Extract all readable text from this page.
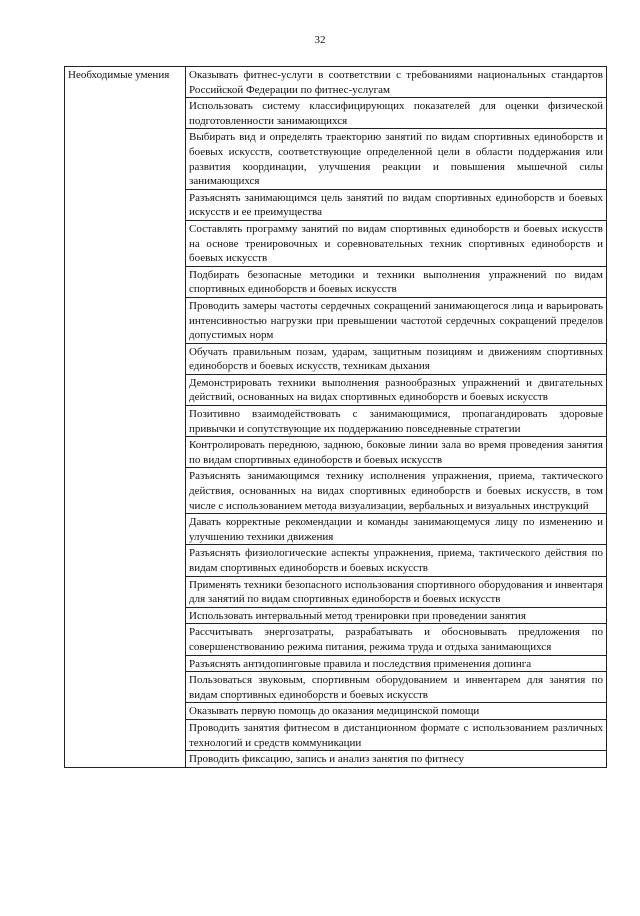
32
Необходимые умения	Оказывать фитнес-услуги в соответствии с требованиями национальных стандартов Российской Федерации по фитнес-услугам
Использовать систему классифицирующих показателей для оценки физической подготовленности занимающихся
Выбирать вид и определять траекторию занятий по видам спортивных единоборств и боевых искусств, соответствующие определенной цели в области поддержания или развития координации, улучшения реакции и повышения мышечной силы занимающихся
Разъяснять занимающимся цель занятий по видам спортивных единоборств и боевых искусств и ее преимущества
Составлять программу занятий по видам спортивных единоборств и боевых искусств на основе тренировочных и соревновательных техник спортивных единоборств и боевых искусств
Подбирать безопасные методики и техники выполнения упражнений по видам спортивных единоборств и боевых искусств
Проводить замеры частоты сердечных сокращений занимающегося лица и варьировать интенсивностью нагрузки при превышении частотой сердечных сокращений пределов допустимых норм
Обучать правильным позам, ударам, защитным позициям и движениям спортивных единоборств и боевых искусств, техникам дыхания
Демонстрировать техники выполнения разнообразных упражнений и двигательных действий, основанных на видах спортивных единоборств и боевых искусств
Позитивно взаимодействовать с занимающимися, пропагандировать здоровые привычки и сопутствующие их поддержанию повседневные стратегии
Контролировать переднюю, заднюю, боковые линии зала во время проведения занятия по видам спортивных единоборств и боевых искусств
Разъяснять занимающимся технику исполнения упражнения, приема, тактического действия, основанных на видах спортивных единоборств и боевых искусств, в том числе с использованием метода визуализации, вербальных и визуальных инструкций
Давать корректные рекомендации и команды занимающемуся лицу по изменению и улучшению техники движения
Разъяснять физиологические аспекты упражнения, приема, тактического действия по видам спортивных единоборств и боевых искусств
Применять техники безопасного использования спортивного оборудования и инвентаря для занятий по видам спортивных единоборств и боевых искусств
Использовать интервальный метод тренировки при проведении занятия
Рассчитывать энергозатраты, разрабатывать и обосновывать предложения по совершенствованию режима питания, режима труда и отдыха занимающихся
Разъяснять антидопинговые правила и последствия применения допинга
Пользоваться звуковым, спортивным оборудованием и инвентарем для занятия по видам спортивных единоборств и боевых искусств
Оказывать первую помощь до оказания медицинской помощи
Проводить занятия фитнесом в дистанционном формате с использованием различных технологий и средств коммуникации
Проводить фиксацию, запись и анализ занятия по фитнесу
